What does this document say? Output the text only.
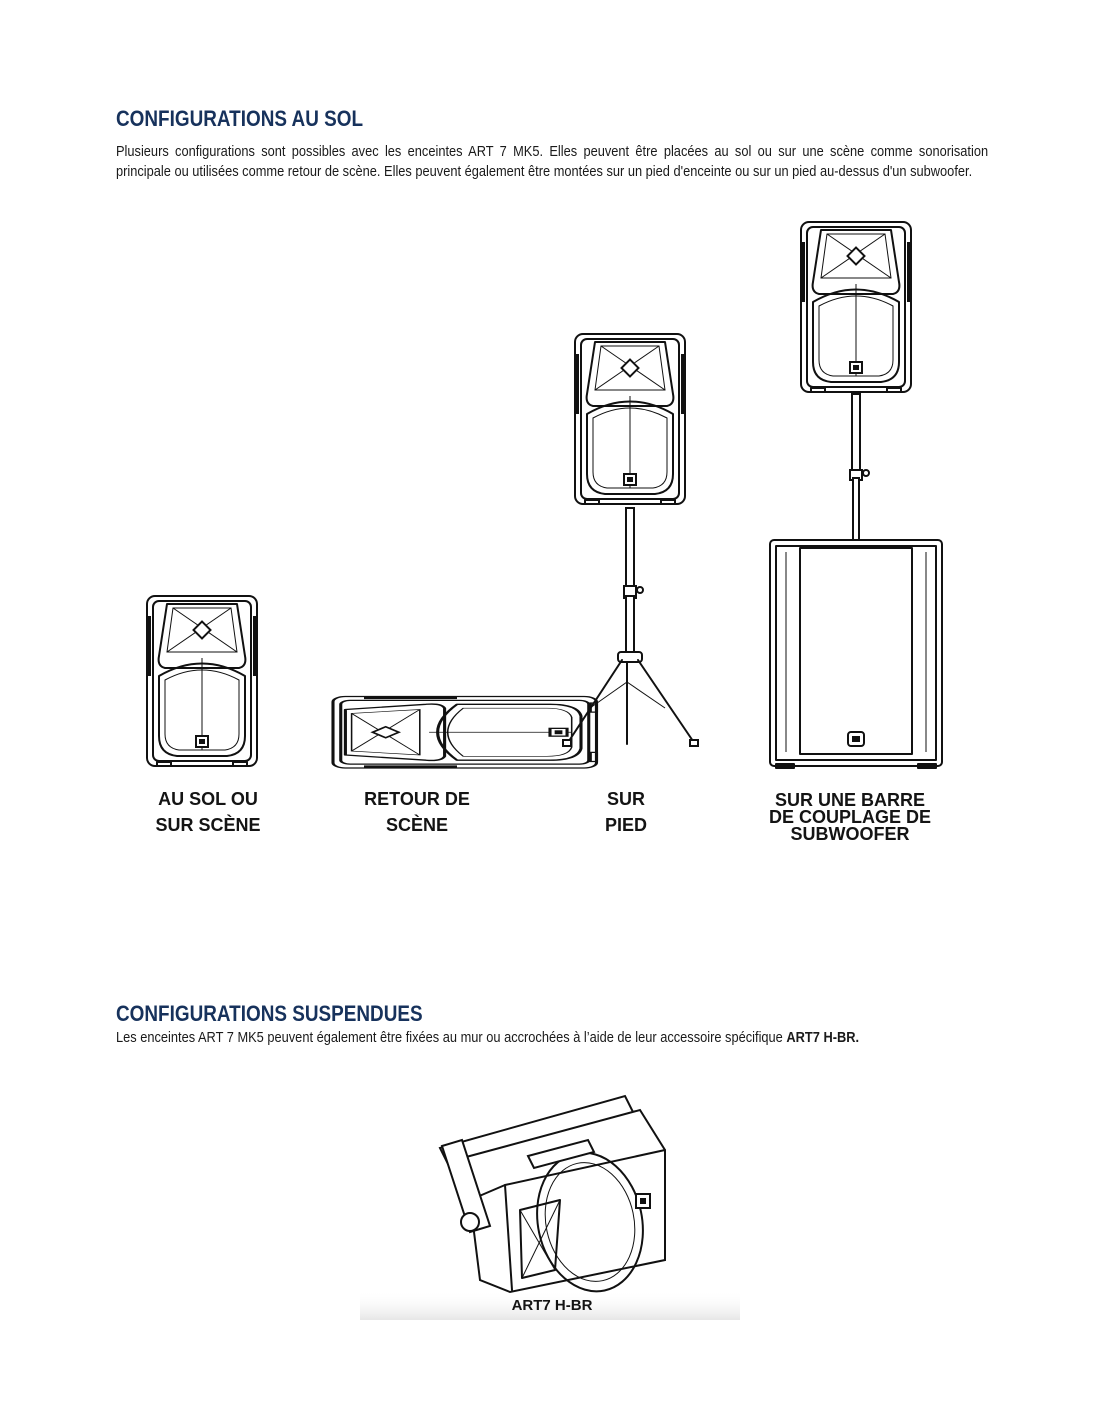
CONFIGURATIONS AU SOL

Plusieurs configurations sont possibles avec les enceintes ART 7 MK5. Elles peuvent être placées au sol ou sur une scène comme sonorisation principale ou utilisées comme retour de scène. Elles peuvent également être montées sur un pied d'enceinte ou sur un pied au-dessus d'un subwoofer.

AU SOL OU
SUR SCÈNE
RETOUR DE
SCÈNE
SUR
PIED
SUR UNE BARRE
DE COUPLAGE DE
SUBWOOFER
CONFIGURATIONS SUSPENDUES

Les enceintes ART 7 MK5 peuvent également être fixées au mur ou accrochées à l’aide de leur accessoire spécifique ART7 H-BR.

ART7 H-BR
